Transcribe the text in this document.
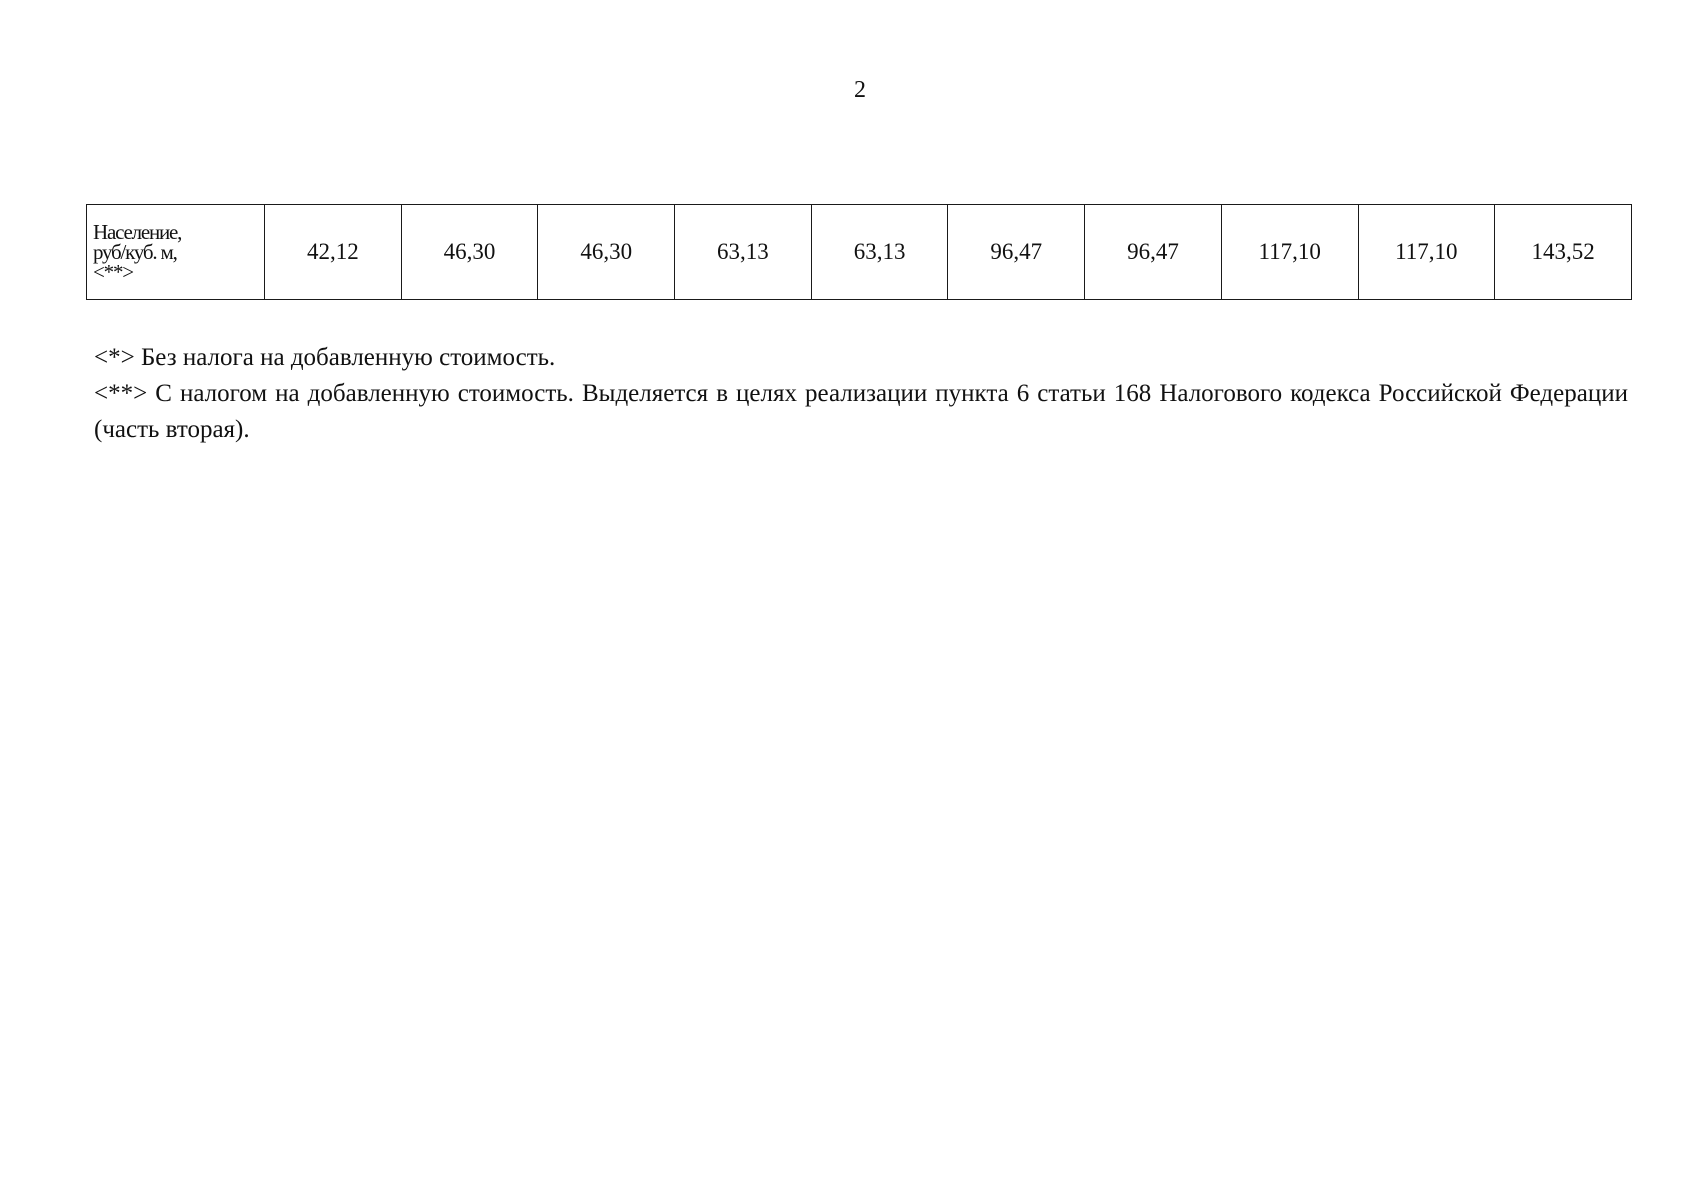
2
Население,
руб/куб. м,
<**>
	42,12	46,30	46,30	63,13	63,13	96,47	96,47	117,10	117,10	143,52

<*> Без налога на добавленную стоимость.

<**> С налогом на добавленную стоимость. Выделяется в целях реализации пункта 6 статьи 168 Налогового кодекса Российской Федерации (часть вторая).
